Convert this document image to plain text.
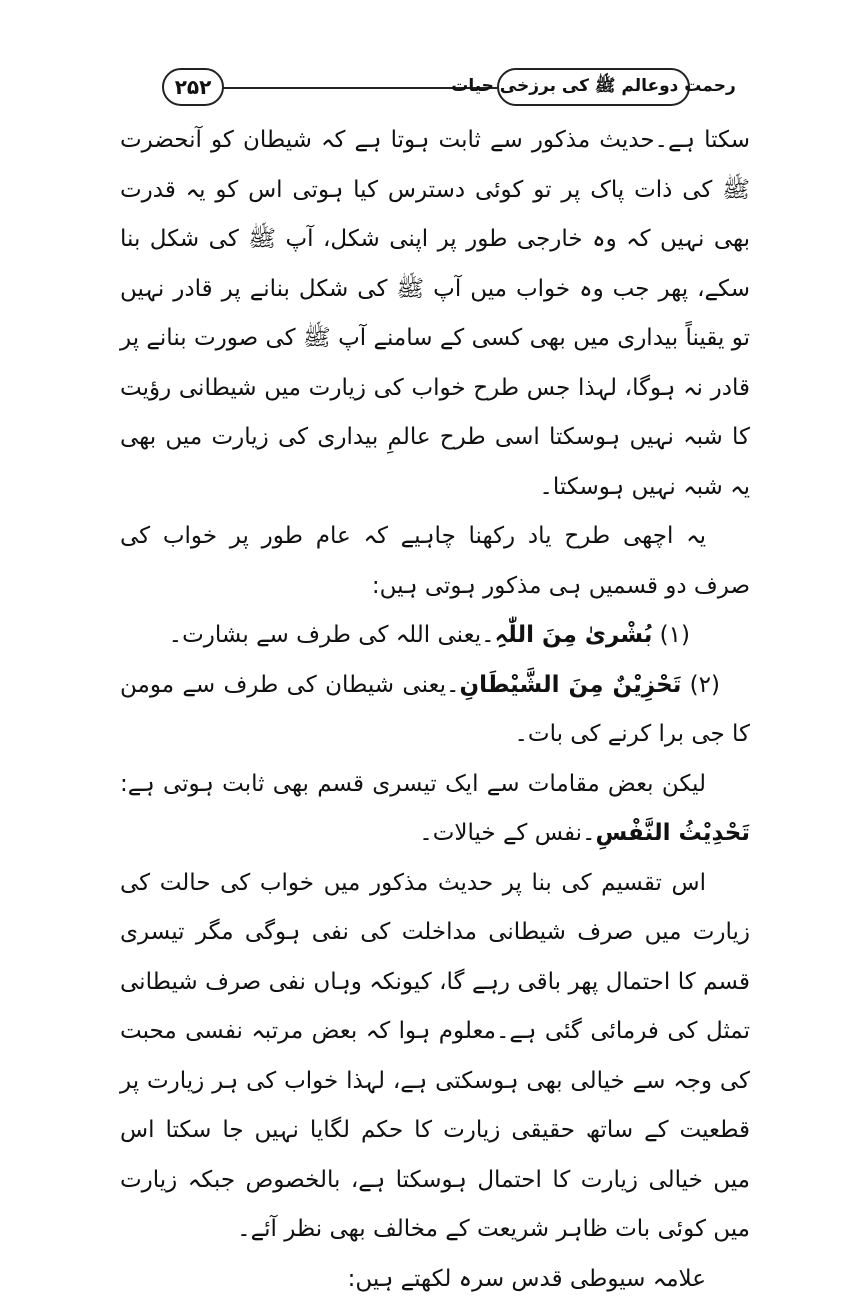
۲۵۲	رحمت دوعالم ﷺ کی برزخی حیات

سکتا ہے۔حدیث مذکور سے ثابت ہوتا ہے کہ شیطان کو آنحضرت ﷺ کی ذات پاک پر تو کوئی دسترس کیا ہوتی اس کو یہ قدرت بھی نہیں کہ وہ خارجی طور پر اپنی شکل، آپ ﷺ کی شکل بنا سکے، پھر جب وہ خواب میں آپ ﷺ کی شکل بنانے پر قادر نہیں تو یقیناً بیداری میں بھی کسی کے سامنے آپ ﷺ کی صورت بنانے پر قادر نہ ہوگا، لہذا جس طرح خواب کی زیارت میں شیطانی رؤیت کا شبہ نہیں ہوسکتا اسی طرح عالمِ بیداری کی زیارت میں بھی یہ شبہ نہیں ہوسکتا۔

یہ اچھی طرح یاد رکھنا چاہیے کہ عام طور پر خواب کی صرف دو قسمیں ہی مذکور ہوتی ہیں:

(۱) بُشْریٰ مِنَ اللّٰہِ۔یعنی اللہ کی طرف سے بشارت۔

(۲) تَحْزِیْنٌ مِنَ الشَّیْطَانِ۔یعنی شیطان کی طرف سے مومن کا جی برا کرنے کی بات۔

لیکن بعض مقامات سے ایک تیسری قسم بھی ثابت ہوتی ہے: تَحْدِیْثُ النَّفْسِ۔نفس کے خیالات۔

اس تقسیم کی بنا پر حدیث مذکور میں خواب کی حالت کی زیارت میں صرف شیطانی مداخلت کی نفی ہوگی مگر تیسری قسم کا احتمال پھر باقی رہے گا، کیونکہ وہاں نفی صرف شیطانی تمثل کی فرمائی گئی ہے۔معلوم ہوا کہ بعض مرتبہ نفسی محبت کی وجہ سے خیالی بھی ہوسکتی ہے، لہذا خواب کی ہر زیارت پر قطعیت کے ساتھ حقیقی زیارت کا حکم لگایا نہیں جا سکتا اس میں خیالی زیارت کا احتمال ہوسکتا ہے، بالخصوص جبکہ زیارت میں کوئی بات ظاہر شریعت کے مخالف بھی نظر آئے۔

علامہ سیوطی قدس سرہ لکھتے ہیں:
